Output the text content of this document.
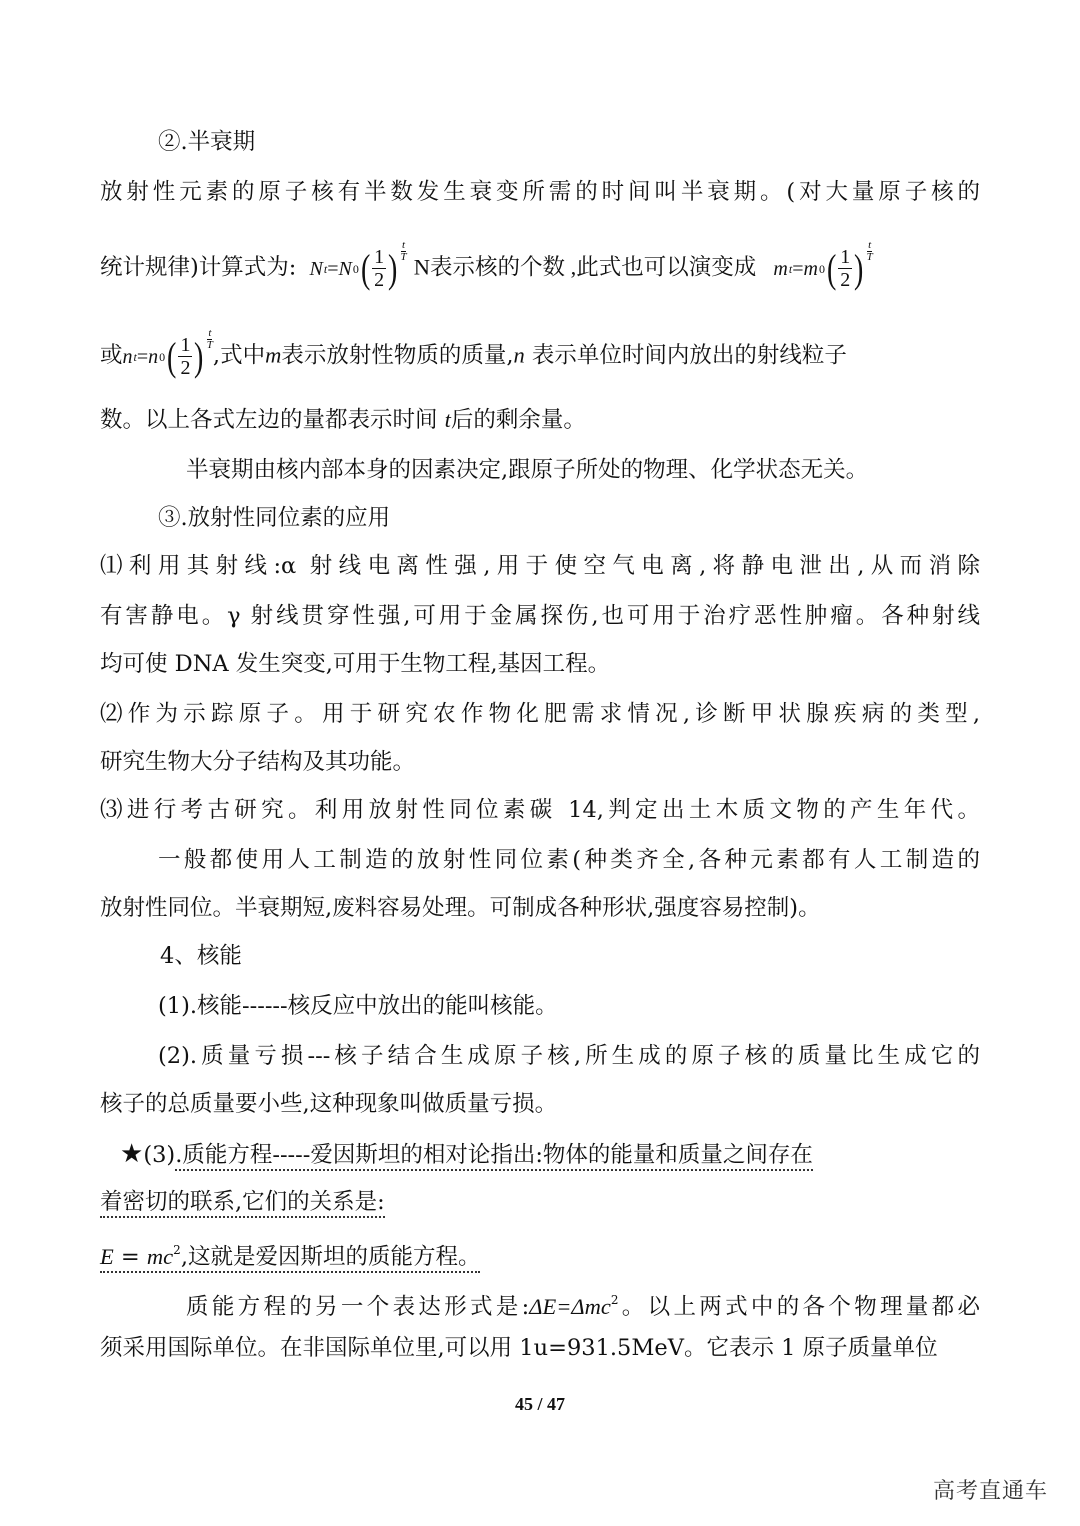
②.半衰期
放射性元素的原子核有半数发生衰变所需的时间叫半衰期。(对大量原子核的
统计规律)计算式为: N t = N 0 ( $\frac{1}{2}$ ) $\frac{t}{T}$
N表示核的个数 ,此式也可以演变成 m t = m 0 ( $\frac{1}{2}$ ) $\frac{t}{T}$
或 n t = n 0 ( $\frac{1}{2}$ ) $\frac{t}{T}$
,式中m表示放射性物质的质量,n 表示单位时间内放出的射线粒子
数。以上各式左边的量都表示时间 t后的剩余量。
半衰期由核内部本身的因素决定,跟原子所处的物理、化学状态无关。
③.放射性同位素的应用
⑴利用其射线:α 射线电离性强,用于使空气电离,将静电泄出,从而消除
有害静电。γ 射线贯穿性强,可用于金属探伤,也可用于治疗恶性肿瘤。各种射线
均可使 DNA 发生突变,可用于生物工程,基因工程。
⑵作为示踪原子。用于研究农作物化肥需求情况,诊断甲状腺疾病的类型,
研究生物大分子结构及其功能。
⑶进行考古研究。利用放射性同位素碳 14,判定出土木质文物的产生年代。
一般都使用人工制造的放射性同位素(种类齐全,各种元素都有人工制造的
放射性同位。半衰期短,废料容易处理。可制成各种形状,强度容易控制)。
4、核能
(1).核能------核反应中放出的能叫核能。
(2).质量亏损---核子结合生成原子核,所生成的原子核的质量比生成它的
核子的总质量要小些,这种现象叫做质量亏损。
★(3).质能方程-----爱因斯坦的相对论指出:物体的能量和质量之间存在
着密切的联系,它们的关系是:
$E = mc^2$,这就是爱因斯坦的质能方程。
质能方程的另一个表达形式是:ΔE=Δmc$^2$。以上两式中的各个物理量都必
须采用国际单位。在非国际单位里,可以用 1u=931.5MeV。它表示 1 原子质量单位
45 / 47
高考直通车
